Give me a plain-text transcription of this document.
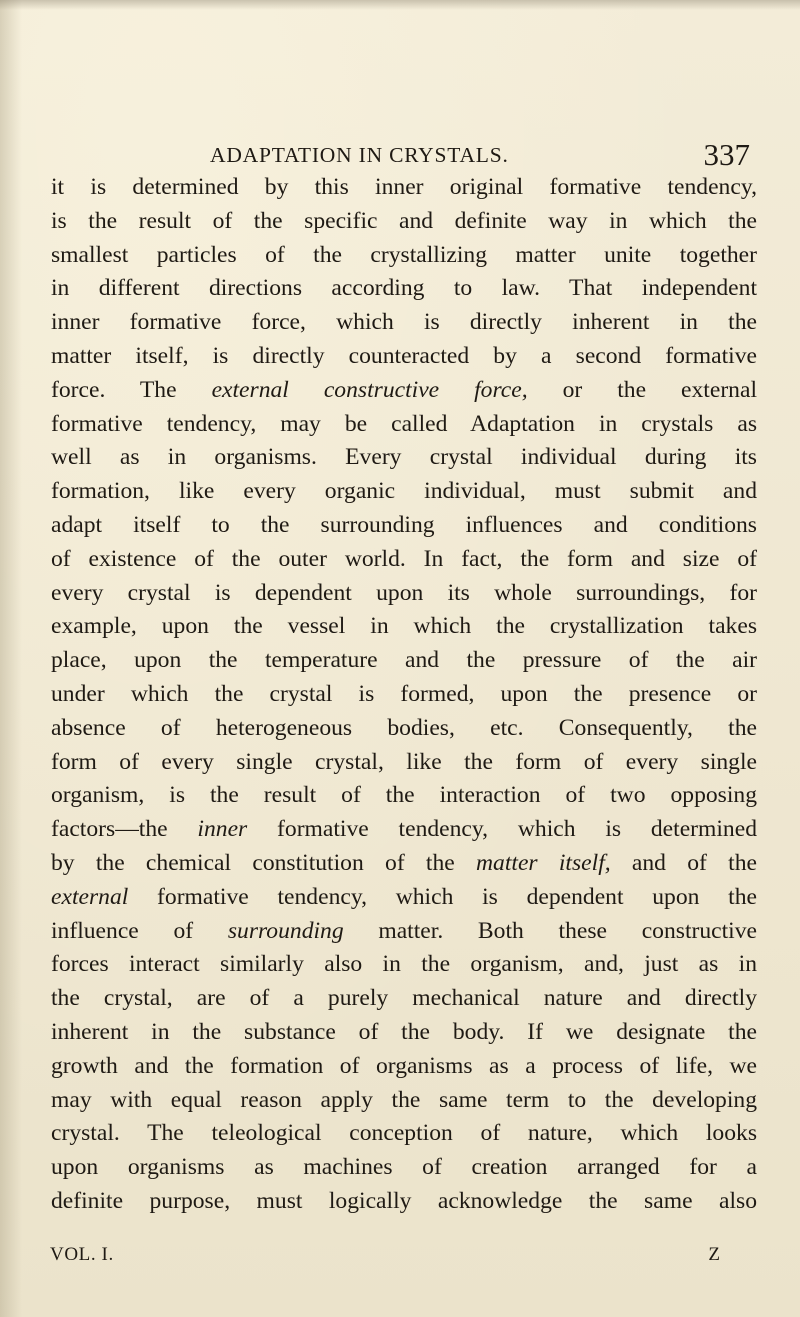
ADAPTATION IN CRYSTALS.	337
it is determined by this inner original formative tendency,
is the result of the specific and definite way in which the
smallest particles of the crystallizing matter unite together
in different directions according to law. That independent
inner formative force, which is directly inherent in the
matter itself, is directly counteracted by a second formative
force. The external constructive force, or the external
formative tendency, may be called Adaptation in crystals as
well as in organisms. Every crystal individual during its
formation, like every organic individual, must submit and
adapt itself to the surrounding influences and conditions
of existence of the outer world. In fact, the form and size of
every crystal is dependent upon its whole surroundings, for
example, upon the vessel in which the crystallization takes
place, upon the temperature and the pressure of the air
under which the crystal is formed, upon the presence or
absence of heterogeneous bodies, etc. Consequently, the
form of every single crystal, like the form of every single
organism, is the result of the interaction of two opposing
factors—the inner formative tendency, which is determined
by the chemical constitution of the matter itself, and of the
external formative tendency, which is dependent upon the
influence of surrounding matter. Both these constructive
forces interact similarly also in the organism, and, just as in
the crystal, are of a purely mechanical nature and directly
inherent in the substance of the body. If we designate the
growth and the formation of organisms as a process of life, we
may with equal reason apply the same term to the developing
crystal. The teleological conception of nature, which looks
upon organisms as machines of creation arranged for a
definite purpose, must logically acknowledge the same also
VOL. I.	Z
